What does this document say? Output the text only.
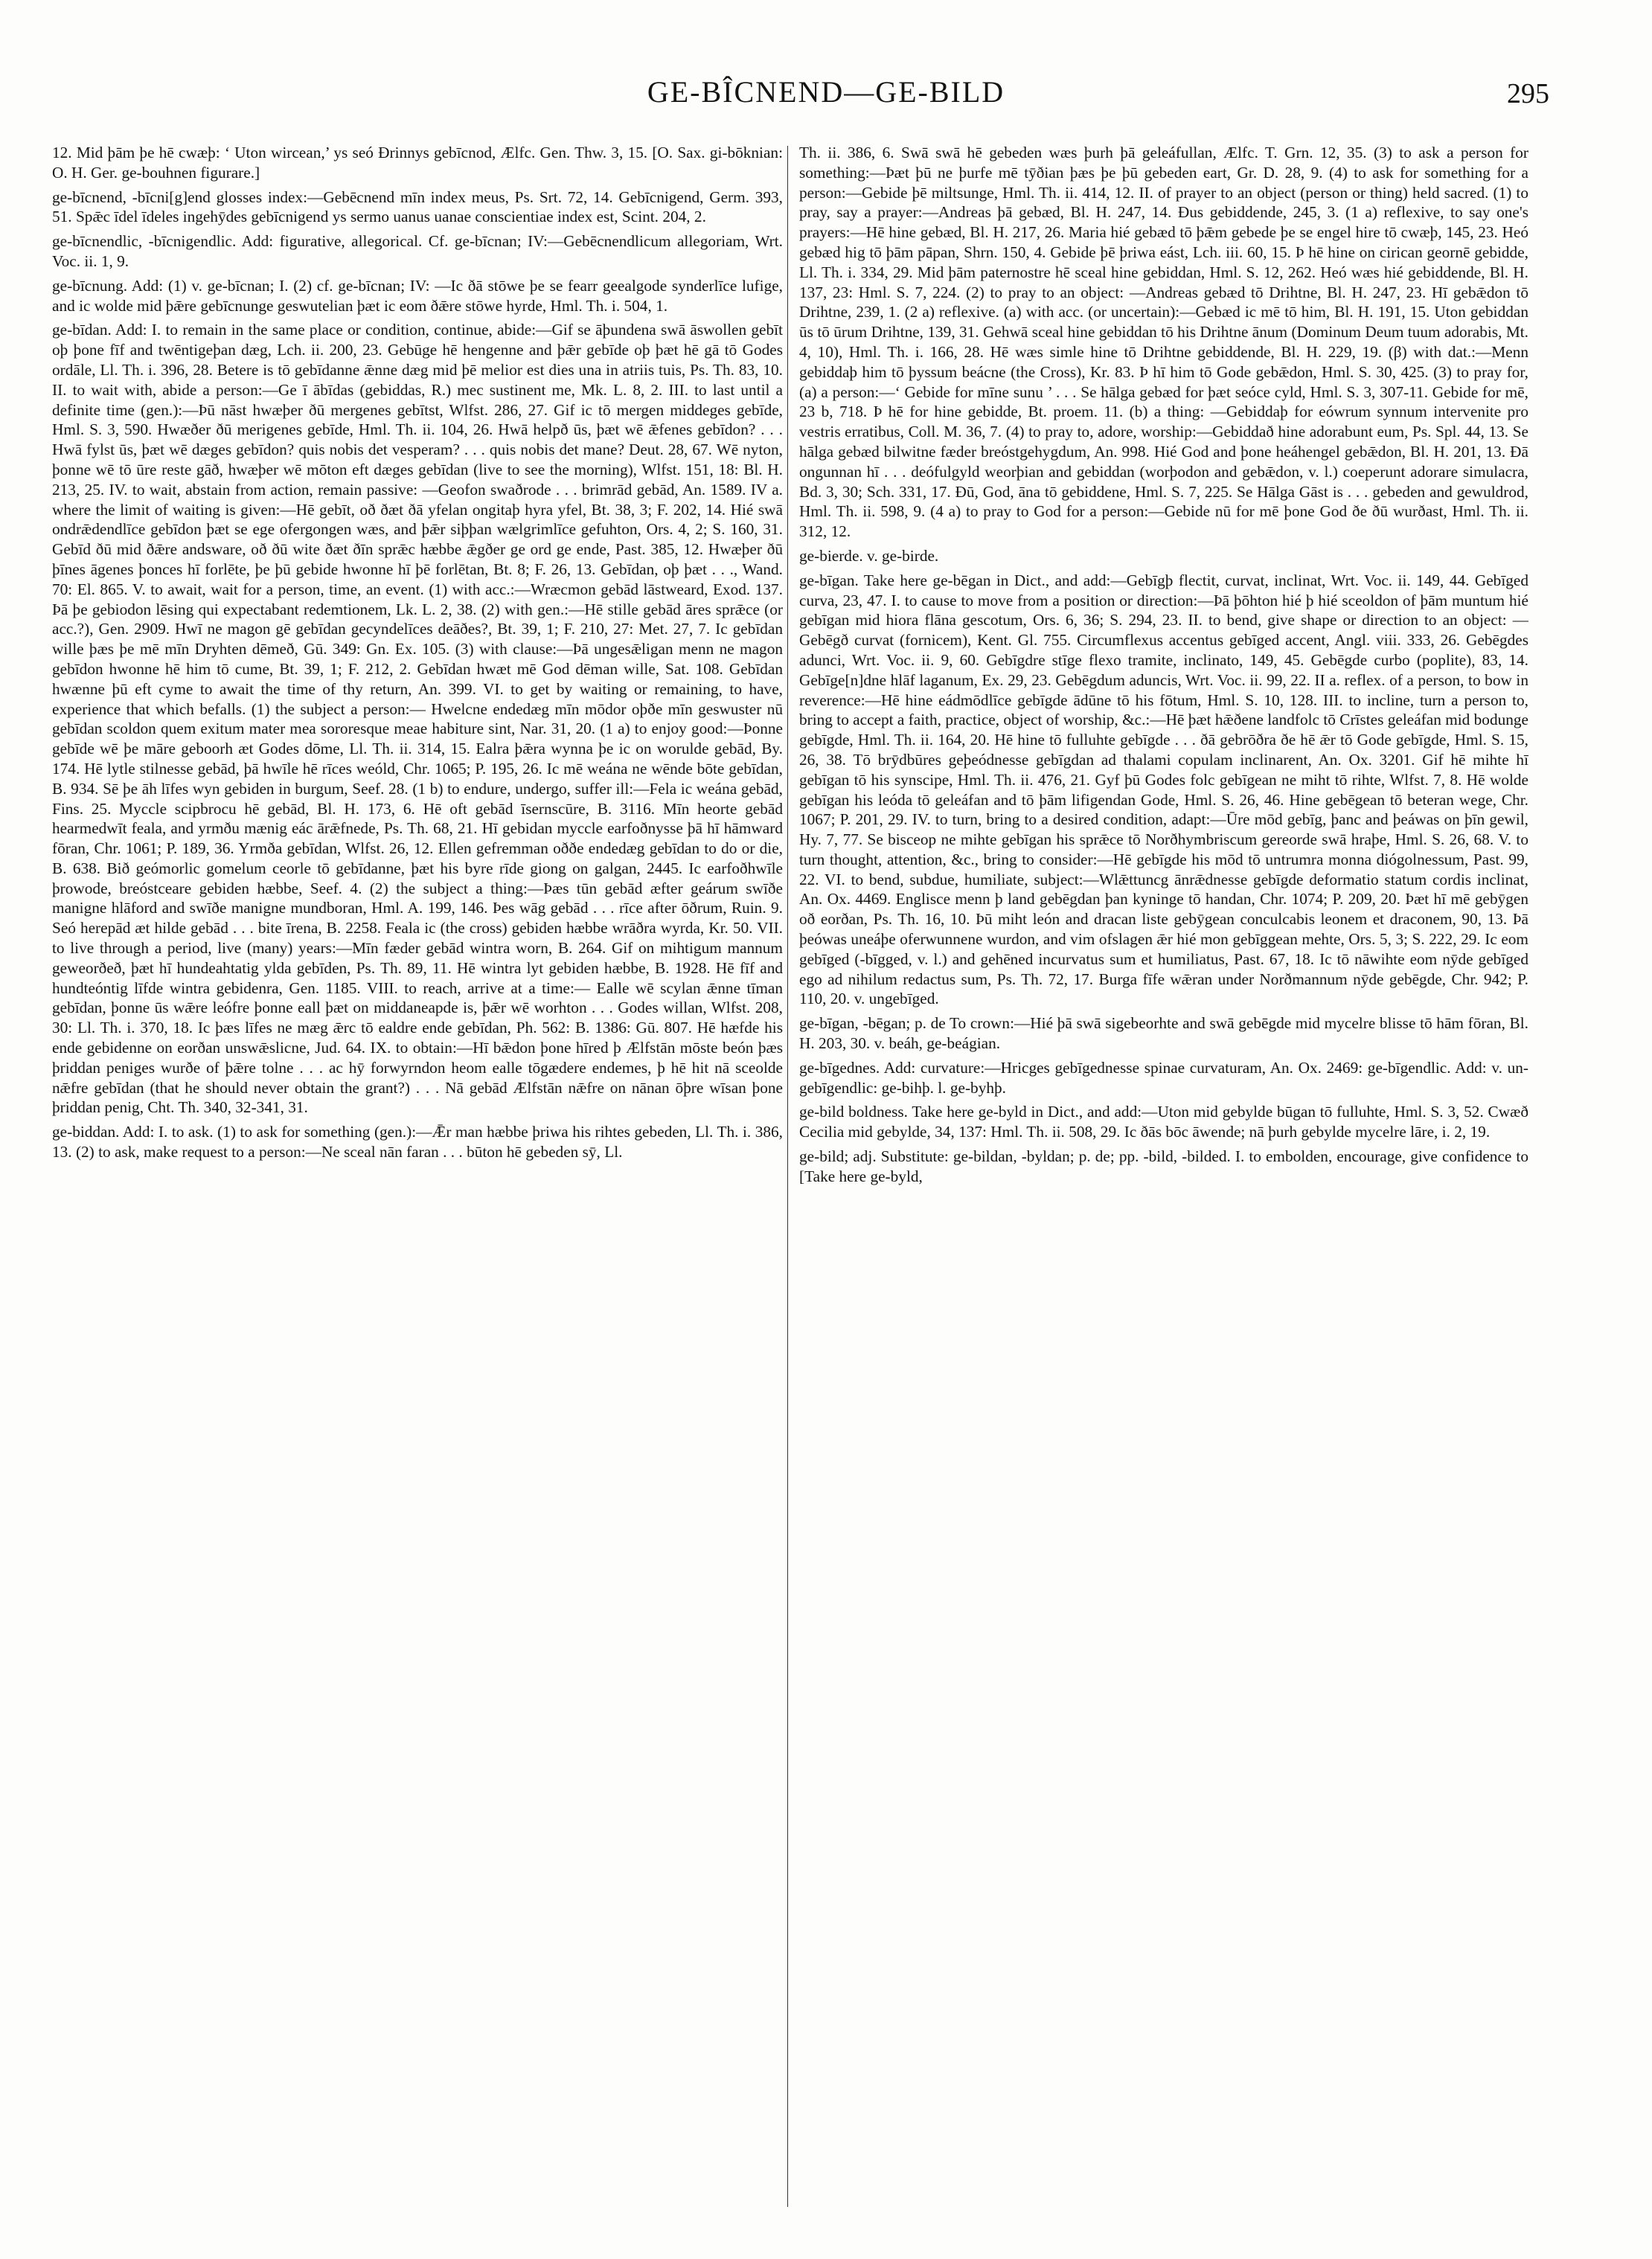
GE-BÎCNEND—GE-BILD	295

12. Mid þām þe hē cwæþ: ‘ Uton wircean,’ ys seó Ðrinnys gebīcnod, Ælfc. Gen. Thw. 3, 15. [O. Sax. gi-bōknian: O. H. Ger. ge-bouhnen figurare.]

ge-bīcnend, -bīcni[g]end glosses index:—Gebēcnend mīn index meus, Ps. Srt. 72, 14. Gebīcnigend, Germ. 393, 51. Spǣc īdel īdeles ingehȳdes gebīcnigend ys sermo uanus uanae conscientiae index est, Scint. 204, 2.

ge-bīcnendlic, -bīcnigendlic. Add: figurative, allegorical. Cf. ge-bīcnan; IV:—Gebēcnendlicum allegoriam, Wrt. Voc. ii. 1, 9.

ge-bīcnung. Add: (1) v. ge-bīcnan; I. (2) cf. ge-bīcnan; IV: —Ic ðā stōwe þe se fearr geealgode synderlīce lufige, and ic wolde mid þǣre gebīcnunge geswutelian þæt ic eom ðǣre stōwe hyrde, Hml. Th. i. 504, 1.

ge-bīdan. Add: I. to remain in the same place or condition, continue, abide:—Gif se āþundena swā āswollen gebīt oþ þone fīf and twēntigeþan dæg, Lch. ii. 200, 23. Gebūge hē hengenne and þǣr gebīde oþ þæt hē gā tō Godes ordāle, Ll. Th. i. 396, 28. Betere is tō gebīdanne ǣnne dæg mid þē melior est dies una in atriis tuis, Ps. Th. 83, 10. II. to wait with, abide a person:—Ge ī ābīdas (gebiddas, R.) mec sustinent me, Mk. L. 8, 2. III. to last until a definite time (gen.):—Þū nāst hwæþer ðū mergenes gebītst, Wlfst. 286, 27. Gif ic tō mergen middeges gebīde, Hml. S. 3, 590. Hwæðer ðū merigenes gebīde, Hml. Th. ii. 104, 26. Hwā helpð ūs, þæt wē ǣfenes gebīdon? . . . Hwā fylst ūs, þæt wē dæges gebīdon? quis nobis det vesperam? . . . quis nobis det mane? Deut. 28, 67. Wē nyton, þonne wē tō ūre reste gāð, hwæþer wē mōton eft dæges gebīdan (live to see the morning), Wlfst. 151, 18: Bl. H. 213, 25. IV. to wait, abstain from action, remain passive: —Geofon swaðrode . . . brimrād gebād, An. 1589. IV a. where the limit of waiting is given:—Hē gebīt, oð ðæt ðā yfelan ongitaþ hyra yfel, Bt. 38, 3; F. 202, 14. Hié swā ondrǣdendlīce gebīdon þæt se ege ofergongen wæs, and þǣr siþþan wælgrimlīce gefuhton, Ors. 4, 2; S. 160, 31. Gebīd ðū mid ðǣre andsware, oð ðū wite ðæt ðīn sprǣc hæbbe ǣgðer ge ord ge ende, Past. 385, 12. Hwæþer ðū þīnes āgenes þonces hī forlēte, þe þū gebide hwonne hī þē forlētan, Bt. 8; F. 26, 13. Gebīdan, oþ þæt . . ., Wand. 70: El. 865. V. to await, wait for a person, time, an event. (1) with acc.:—Wræcmon gebād lāstweard, Exod. 137. Þā þe gebiodon lēsing qui expectabant redemtionem, Lk. L. 2, 38. (2) with gen.:—Hē stille gebād āres sprǣce (or acc.?), Gen. 2909. Hwī ne magon gē gebīdan gecyndelīces deāðes?, Bt. 39, 1; F. 210, 27: Met. 27, 7. Ic gebīdan wille þæs þe mē mīn Dryhten dēmeð, Gū. 349: Gn. Ex. 105. (3) with clause:—Þā ungesǣligan menn ne magon gebīdon hwonne hē him tō cume, Bt. 39, 1; F. 212, 2. Gebīdan hwæt mē God dēman wille, Sat. 108. Gebīdan hwænne þū eft cyme to await the time of thy return, An. 399. VI. to get by waiting or remaining, to have, experience that which befalls. (1) the subject a person:— Hwelcne endedæg mīn mōdor oþðe mīn geswuster nū gebīdan scoldon quem exitum mater mea sororesque meae habiture sint, Nar. 31, 20. (1 a) to enjoy good:—Þonne gebīde wē þe māre geboorh æt Godes dōme, Ll. Th. ii. 314, 15. Ealra þǣra wynna þe ic on worulde gebād, By. 174. Hē lytle stilnesse gebād, þā hwīle hē rīces weóld, Chr. 1065; P. 195, 26. Ic mē weána ne wēnde bōte gebīdan, B. 934. Sē þe āh līfes wyn gebiden in burgum, Seef. 28. (1 b) to endure, undergo, suffer ill:—Fela ic weána gebād, Fins. 25. Myccle scipbrocu hē gebād, Bl. H. 173, 6. Hē oft gebād īsernscūre, B. 3116. Mīn heorte gebād hearmedwīt feala, and yrmðu mænig eác ārǣfnede, Ps. Th. 68, 21. Hī gebidan myccle earfoðnysse þā hī hāmward fōran, Chr. 1061; P. 189, 36. Yrmða gebīdan, Wlfst. 26, 12. Ellen gefremman oððe endedæg gebīdan to do or die, B. 638. Bið geómorlic gomelum ceorle tō gebīdanne, þæt his byre rīde giong on galgan, 2445. Ic earfoðhwīle þrowode, breóstceare gebiden hæbbe, Seef. 4. (2) the subject a thing:—Þæs tūn gebād æfter geárum swīðe manigne hlāford and swīðe manigne mundboran, Hml. A. 199, 146. Þes wāg gebād . . . rīce after ōðrum, Ruin. 9. Seó herepād æt hilde gebād . . . bite īrena, B. 2258. Feala ic (the cross) gebiden hæbbe wrāðra wyrda, Kr. 50. VII. to live through a period, live (many) years:—Mīn fæder gebād wintra worn, B. 264. Gif on mihtigum mannum geweorðeð, þæt hī hundeahtatig ylda gebīden, Ps. Th. 89, 11. Hē wintra lyt gebiden hæbbe, B. 1928. Hē fīf and hundteóntig līfde wintra gebidenra, Gen. 1185. VIII. to reach, arrive at a time:— Ealle wē scylan ǣnne tīman gebīdan, þonne ūs wǣre leófre þonne eall þæt on middaneарde is, þǣr wē worhton . . . Godes willan, Wlfst. 208, 30: Ll. Th. i. 370, 18. Ic þæs līfes ne mæg ǣrc tō ealdre ende gebīdan, Ph. 562: B. 1386: Gū. 807. Hē hæfde his ende gebidenne on eorðan unswǣslicne, Jud. 64. IX. to obtain:—Hī bǣdon þone hīred þ Ælfstān mōste beón þæs þriddan peniges wurðe of þǣre tolne . . . ac hȳ forwyrndon heom ealle tōgædere endemes, þ hē hit nā sceolde nǣfre gebīdan (that he should never obtain the grant?) . . . Nā gebād Ælfstān nǣfre on nānan ōþre wīsan þone þriddan penig, Cht. Th. 340, 32-341, 31.

ge-biddan. Add: I. to ask. (1) to ask for something (gen.):—Ǣr man hæbbe þriwa his rihtes gebeden, Ll. Th. i. 386, 13. (2) to ask, make request to a person:—Ne sceal nān faran . . . būton hē gebeden sȳ, Ll.

Th. ii. 386, 6. Swā swā hē gebeden wæs þurh þā geleáfullan, Ælfc. T. Grn. 12, 35. (3) to ask a person for something:—Þæt þū ne þurfe mē tȳðian þæs þe þū gebeden eart, Gr. D. 28, 9. (4) to ask for something for a person:—Gebide þē miltsunge, Hml. Th. ii. 414, 12. II. of prayer to an object (person or thing) held sacred. (1) to pray, say a prayer:—Andreas þā gebæd, Bl. H. 247, 14. Ðus gebiddende, 245, 3. (1 a) reflexive, to say one's prayers:—Hē hine gebæd, Bl. H. 217, 26. Maria hié gebæd tō þǣm gebede þe se engel hire tō cwæþ, 145, 23. Heó gebæd hig tō þām pāpan, Shrn. 150, 4. Gebide þē þriwa eást, Lch. iii. 60, 15. Þ hē hine on cirican geornē gebidde, Ll. Th. i. 334, 29. Mid þām paternostre hē sceal hine gebiddan, Hml. S. 12, 262. Heó wæs hié gebiddende, Bl. H. 137, 23: Hml. S. 7, 224. (2) to pray to an object: —Andreas gebæd tō Drihtne, Bl. H. 247, 23. Hī gebǣdon tō Drihtne, 239, 1. (2 a) reflexive. (a) with acc. (or uncertain):—Gebæd ic mē tō him, Bl. H. 191, 15. Uton gebiddan ūs tō ūrum Drihtne, 139, 31. Gehwā sceal hine gebiddan tō his Drihtne ānum (Dominum Deum tuum adorabis, Mt. 4, 10), Hml. Th. i. 166, 28. Hē wæs simle hine tō Drihtne gebiddende, Bl. H. 229, 19. (β) with dat.:—Menn gebiddaþ him tō þyssum beácne (the Cross), Kr. 83. Þ hī him tō Gode gebǣdon, Hml. S. 30, 425. (3) to pray for, (a) a person:—‘ Gebide for mīne sunu ’ . . . Se hālga gebæd for þæt seóce cyld, Hml. S. 3, 307-11. Gebide for mē, 23 b, 718. Þ hē for hine gebidde, Bt. proem. 11. (b) a thing: —Gebiddaþ for eówrum synnum intervenite pro vestris erratibus, Coll. M. 36, 7. (4) to pray to, adore, worship:—Gebiddað hine adorabunt eum, Ps. Spl. 44, 13. Se hālga gebæd bilwitne fæder breóstgehygdum, An. 998. Hié God and þone heáhengel gebǣdon, Bl. H. 201, 13. Ðā ongunnan hī . . . deófulgyld weorþian and gebiddan (worþodon and gebǣdon, v. l.) coeperunt adorare simulacra, Bd. 3, 30; Sch. 331, 17. Ðū, God, āna tō gebiddene, Hml. S. 7, 225. Se Hālga Gāst is . . . gebeden and gewuldrod, Hml. Th. ii. 598, 9. (4 a) to pray to God for a person:—Gebide nū for mē þone God ðe ðū wurðast, Hml. Th. ii. 312, 12.

ge-bierde. v. ge-birde.

ge-bīgan. Take here ge-bēgan in Dict., and add:—Gebīgþ flectit, curvat, inclinat, Wrt. Voc. ii. 149, 44. Gebīged curva, 23, 47. I. to cause to move from a position or direction:—Þā þōhton hié þ hié sceoldon of þām muntum hié gebīgan mid hiora flāna gescotum, Ors. 6, 36; S. 294, 23. II. to bend, give shape or direction to an object: —Gebēgð curvat (fornicem), Kent. Gl. 755. Circumflexus accentus gebīged accent, Angl. viii. 333, 26. Gebēgdes adunci, Wrt. Voc. ii. 9, 60. Gebīgdre stīge flexo tramite, inclinato, 149, 45. Gebēgde curbo (poplite), 83, 14. Gebīge[n]dne hlāf laganum, Ex. 29, 23. Gebēgdum aduncis, Wrt. Voc. ii. 99, 22. II a. reflex. of a person, to bow in reverence:—Hē hine eádmōdlīce gebīgde ādūne tō his fōtum, Hml. S. 10, 128. III. to incline, turn a person to, bring to accept a faith, practice, object of worship, &c.:—Hē þæt hǣðene landfolc tō Crīstes geleáfan mid bodunge gebīgde, Hml. Th. ii. 164, 20. Hē hine tō fulluhte gebīgde . . . ðā gebrōðra ðe hē ǣr tō Gode gebīgde, Hml. S. 15, 26, 38. Tō brȳdbūres geþeódnesse gebīgdan ad thalami copulam inclinarent, An. Ox. 3201. Gif hē mihte hī gebīgan tō his synscipe, Hml. Th. ii. 476, 21. Gyf þū Godes folc gebīgean ne miht tō rihte, Wlfst. 7, 8. Hē wolde gebīgan his leóda tō geleáfan and tō þām lifigendan Gode, Hml. S. 26, 46. Hine gebēgean tō beteran wege, Chr. 1067; P. 201, 29. IV. to turn, bring to a desired condition, adapt:—Ūre mōd gebīg, þanc and þeáwas on þīn gewil, Hy. 7, 77. Se bisceop ne mihte gebīgan his sprǣce tō Norðhymbriscum gereorde swā hraþe, Hml. S. 26, 68. V. to turn thought, attention, &c., bring to consider:—Hē gebīgde his mōd tō untrumra monna diógolnessum, Past. 99, 22. VI. to bend, subdue, humiliate, subject:—Wlǣttuncg ānrǣdnesse gebīgde deformatio statum cordis inclinat, An. Ox. 4469. Englisce menn þ land gebēgdan þan kyninge tō handan, Chr. 1074; P. 209, 20. Þæt hī mē gebȳgen oð eorðan, Ps. Th. 16, 10. Þū miht león and dracan liste gebȳgean conculcabis leonem et draconem, 90, 13. Þā þeówas uneáþe oferwunnene wurdon, and vim ofslagen ǣr hié mon gebīggean mehte, Ors. 5, 3; S. 222, 29. Ic eom gebīged (-bīgged, v. l.) and gehēned incurvatus sum et humiliatus, Past. 67, 18. Ic tō nāwihte eom nȳde gebīged ego ad nihilum redactus sum, Ps. Th. 72, 17. Burga fīfe wǣran under Norðmannum nȳde gebēgde, Chr. 942; P. 110, 20. v. ungebīged.

ge-bīgan, -bēgan; p. de To crown:—Hié þā swā sigebeorhte and swā gebēgde mid mycelre blisse tō hām fōran, Bl. H. 203, 30. v. beáh, ge-beágian.

ge-bīgednes. Add: curvature:—Hricges gebīgednesse spinae curvaturam, An. Ox. 2469: ge-bīgendlic. Add: v. un-gebīgendlic: ge-bihþ. l. ge-byhþ.

ge-bild boldness. Take here ge-byld in Dict., and add:—Uton mid gebylde būgan tō fulluhte, Hml. S. 3, 52. Cwæð Cecilia mid gebylde, 34, 137: Hml. Th. ii. 508, 29. Ic ðās bōc āwende; nā þurh gebylde mycelre lāre, i. 2, 19.

ge-bild; adj. Substitute: ge-bildan, -byldan; p. de; pp. -bild, -bilded. I. to embolden, encourage, give confidence to [Take here ge-byld,
